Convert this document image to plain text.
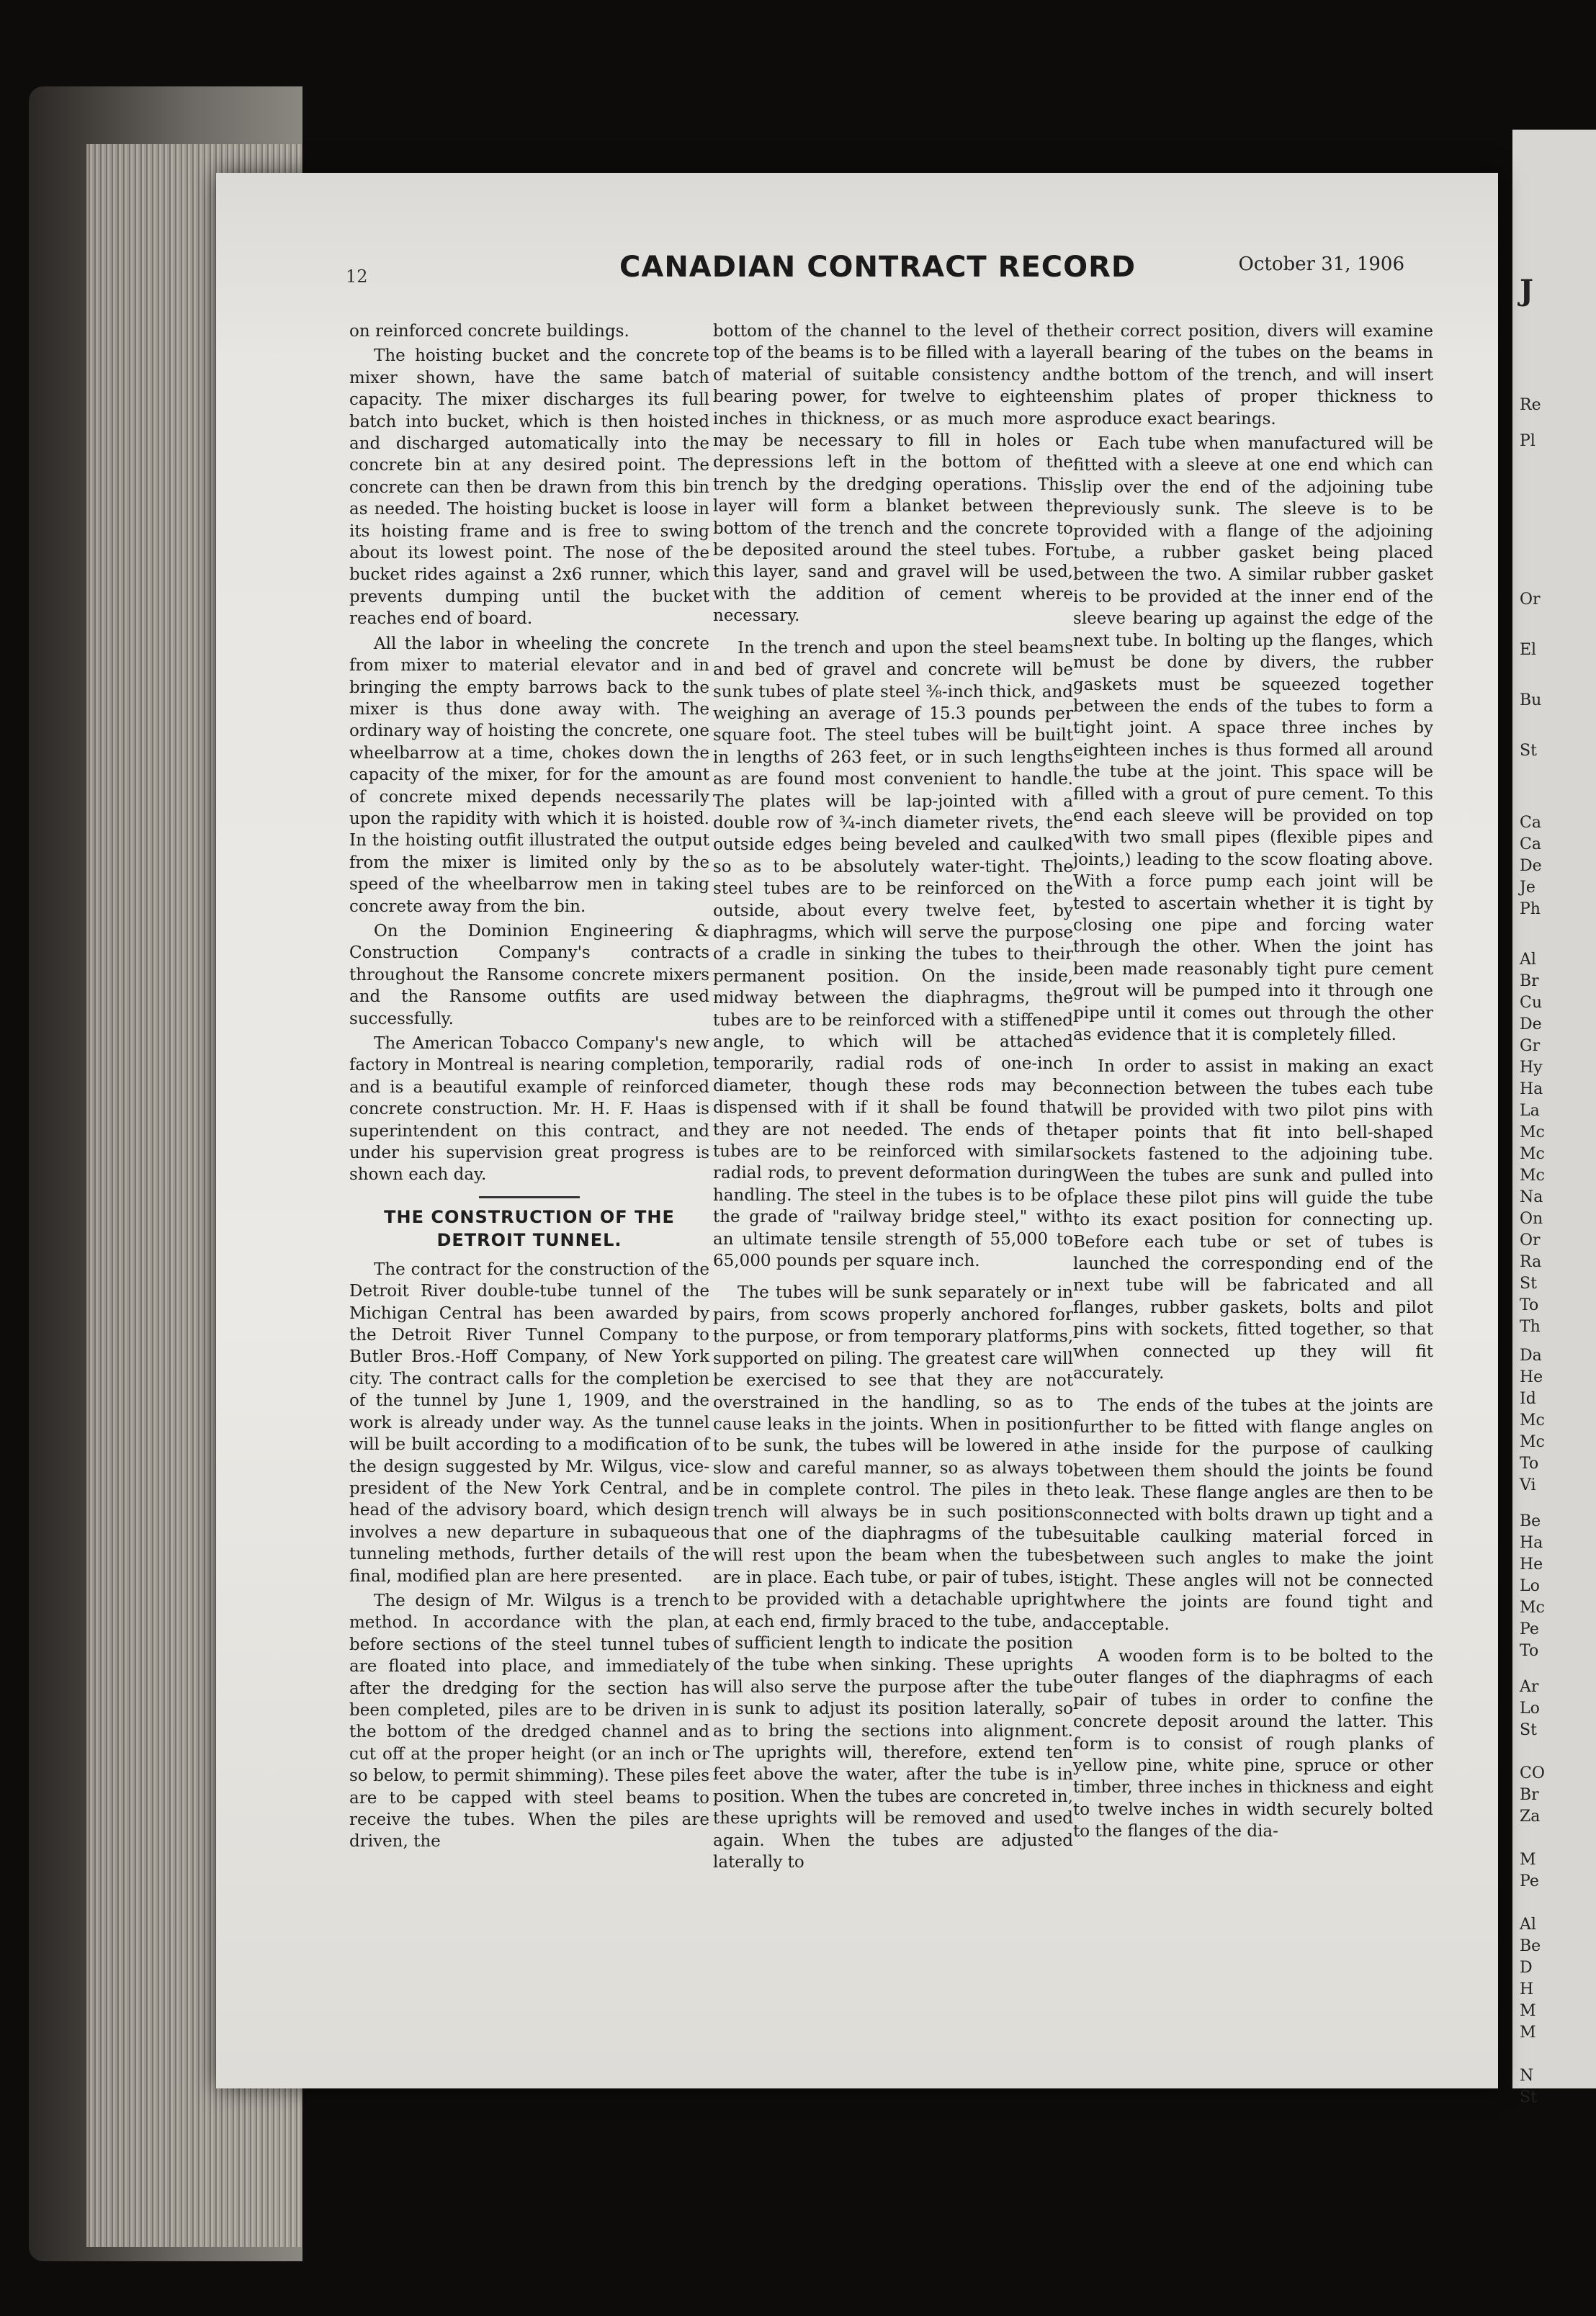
J
Re
Pl
Or
El
Bu
St
Ca
Ca
De
Je
Ph
Al
Br
Cu
De
Gr
Hy
Ha
La
Mc
Mc
Mc
Na
On
Or
Ra
St
To
Th
Da
He
Id
Mc
Mc
To
Vi
Be
Ha
He
Lo
Mc
Pe
To
Ar
Lo
St
CO
Br
Za
M
Pe
Al
Be
D
H
M
M
N
St
12	CANADIAN CONTRACT RECORD	October 31, 1906

on reinforced concrete buildings.

The hoisting bucket and the concrete mixer shown, have the same batch capacity. The mixer discharges its full batch into bucket, which is then hoisted and discharged automatically into the concrete bin at any desired point. The concrete can then be drawn from this bin as needed. The hoisting bucket is loose in its hoisting frame and is free to swing about its lowest point. The nose of the bucket rides against a 2x6 runner, which prevents dumping until the bucket reaches end of board.

All the labor in wheeling the concrete from mixer to material elevator and in bringing the empty barrows back to the mixer is thus done away with. The ordinary way of hoisting the concrete, one wheelbarrow at a time, chokes down the capacity of the mixer, for for the amount of concrete mixed depends necessarily upon the rapidity with which it is hoisted. In the hoisting outfit illustrated the output from the mixer is limited only by the speed of the wheelbarrow men in taking concrete away from the bin.

On the Dominion Engineering & Construction Company's contracts throughout the Ransome concrete mixers and the Ransome outfits are used successfully.

The American Tobacco Company's new factory in Montreal is nearing completion, and is a beautiful example of reinforced concrete construction. Mr. H. F. Haas is superintendent on this contract, and under his supervision great progress is shown each day.

THE CONSTRUCTION OF THE DETROIT TUNNEL.

The contract for the construction of the Detroit River double-tube tunnel of the Michigan Central has been awarded by the Detroit River Tunnel Company to Butler Bros.-Hoff Company, of New York city. The contract calls for the completion of the tunnel by June 1, 1909, and the work is already under way. As the tunnel will be built according to a modification of the design suggested by Mr. Wilgus, vice-president of the New York Central, and head of the advisory board, which design involves a new departure in subaqueous tunneling methods, further details of the final, modified plan are here presented.

The design of Mr. Wilgus is a trench method. In accordance with the plan, before sections of the steel tunnel tubes are floated into place, and immediately after the dredging for the section has been completed, piles are to be driven in the bottom of the dredged channel and cut off at the proper height (or an inch or so below, to permit shimming). These piles are to be capped with steel beams to receive the tubes. When the piles are driven, the

bottom of the channel to the level of the top of the beams is to be filled with a layer of material of suitable consistency and bearing power, for twelve to eighteen inches in thickness, or as much more as may be necessary to fill in holes or depressions left in the bottom of the trench by the dredging operations. This layer will form a blanket between the bottom of the trench and the concrete to be deposited around the steel tubes. For this layer, sand and gravel will be used, with the addition of cement where necessary.

In the trench and upon the steel beams and bed of gravel and concrete will be sunk tubes of plate steel ⅜-inch thick, and weighing an average of 15.3 pounds per square foot. The steel tubes will be built in lengths of 263 feet, or in such lengths as are found most convenient to handle. The plates will be lap-jointed with a double row of ¾-inch diameter rivets, the outside edges being beveled and caulked so as to be absolutely water-tight. The steel tubes are to be reinforced on the outside, about every twelve feet, by diaphragms, which will serve the purpose of a cradle in sinking the tubes to their permanent position. On the inside, midway between the diaphragms, the tubes are to be reinforced with a stiffened angle, to which will be attached temporarily, radial rods of one-inch diameter, though these rods may be dispensed with if it shall be found that they are not needed. The ends of the tubes are to be reinforced with similar radial rods, to prevent deformation during handling. The steel in the tubes is to be of the grade of "railway bridge steel," with an ultimate tensile strength of 55,000 to 65,000 pounds per square inch.

The tubes will be sunk separately or in pairs, from scows properly anchored for the purpose, or from temporary platforms, supported on piling. The greatest care will be exercised to see that they are not overstrained in the handling, so as to cause leaks in the joints. When in position to be sunk, the tubes will be lowered in a slow and careful manner, so as always to be in complete control. The piles in the trench will always be in such positions that one of the diaphragms of the tube will rest upon the beam when the tubes are in place. Each tube, or pair of tubes, is to be provided with a detachable upright at each end, firmly braced to the tube, and of sufficient length to indicate the position of the tube when sinking. These uprights will also serve the purpose after the tube is sunk to adjust its position laterally, so as to bring the sections into alignment. The uprights will, therefore, extend ten feet above the water, after the tube is in position. When the tubes are concreted in, these uprights will be removed and used again. When the tubes are adjusted laterally to

their correct position, divers will examine all bearing of the tubes on the beams in the bottom of the trench, and will insert shim plates of proper thickness to produce exact bearings.

Each tube when manufactured will be fitted with a sleeve at one end which can slip over the end of the adjoining tube previously sunk. The sleeve is to be provided with a flange of the adjoining tube, a rubber gasket being placed between the two. A similar rubber gasket is to be provided at the inner end of the sleeve bearing up against the edge of the next tube. In bolting up the flanges, which must be done by divers, the rubber gaskets must be squeezed together between the ends of the tubes to form a tight joint. A space three inches by eighteen inches is thus formed all around the tube at the joint. This space will be filled with a grout of pure cement. To this end each sleeve will be provided on top with two small pipes (flexible pipes and joints,) leading to the scow floating above. With a force pump each joint will be tested to ascertain whether it is tight by closing one pipe and forcing water through the other. When the joint has been made reasonably tight pure cement grout will be pumped into it through one pipe until it comes out through the other as evidence that it is completely filled.

In order to assist in making an exact connection between the tubes each tube will be provided with two pilot pins with taper points that fit into bell-shaped sockets fastened to the adjoining tube. Ween the tubes are sunk and pulled into place these pilot pins will guide the tube to its exact position for connecting up. Before each tube or set of tubes is launched the corresponding end of the next tube will be fabricated and all flanges, rubber gaskets, bolts and pilot pins with sockets, fitted together, so that when connected up they will fit accurately.

The ends of the tubes at the joints are further to be fitted with flange angles on the inside for the purpose of caulking between them should the joints be found to leak. These flange angles are then to be connected with bolts drawn up tight and a suitable caulking material forced in between such angles to make the joint tight. These angles will not be connected where the joints are found tight and acceptable.

A wooden form is to be bolted to the outer flanges of the diaphragms of each pair of tubes in order to confine the concrete deposit around the latter. This form is to consist of rough planks of yellow pine, white pine, spruce or other timber, three inches in thickness and eight to twelve inches in width securely bolted to the flanges of the dia-
